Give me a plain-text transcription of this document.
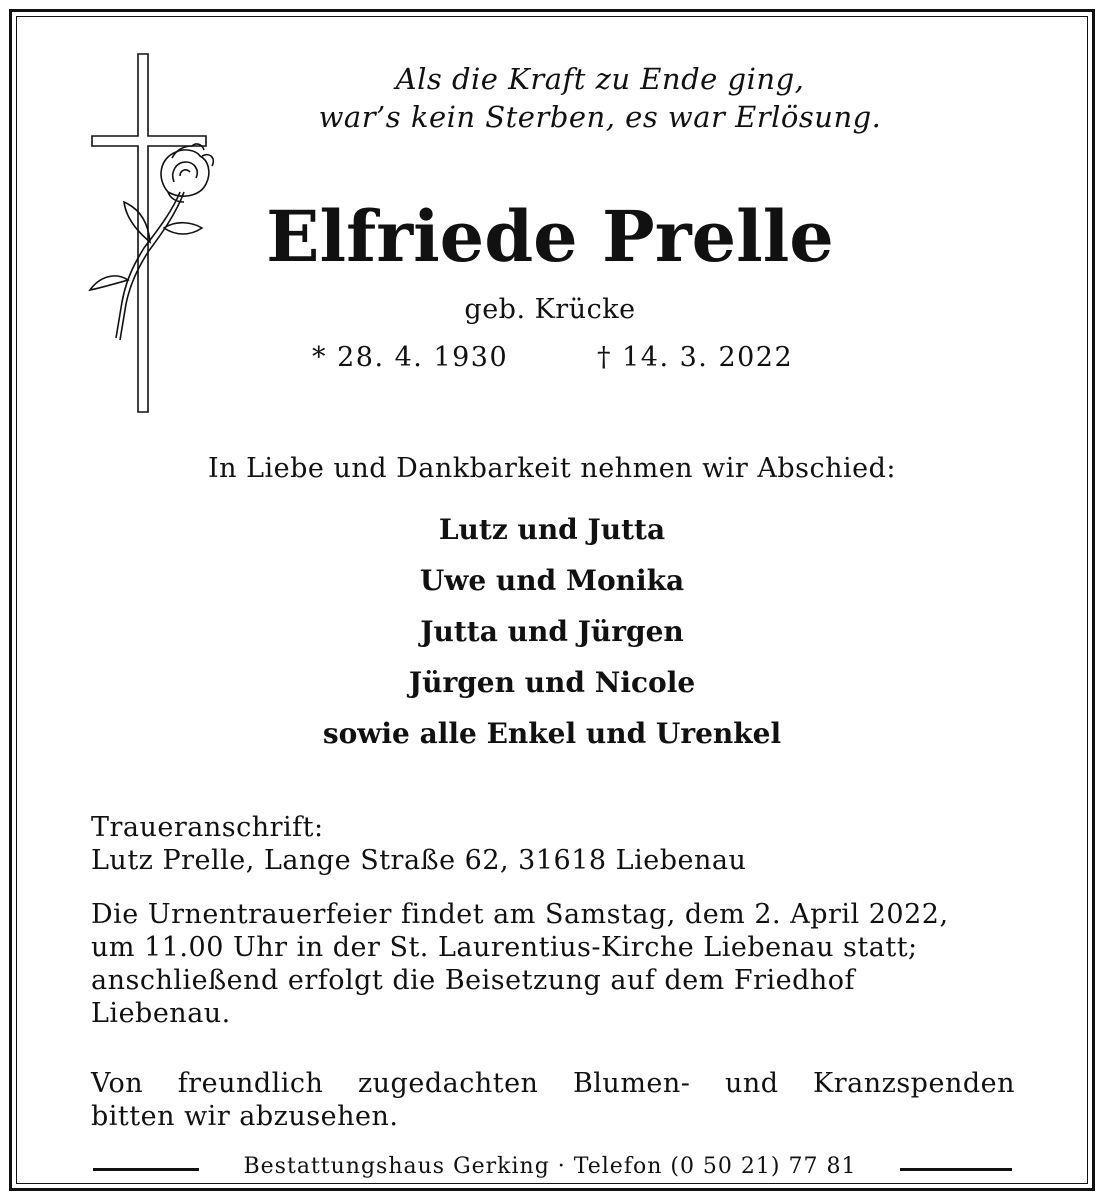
Als die Kraft zu Ende ging,
war’s kein Sterben, es war Erlösung.
Elfriede Prelle
geb. Krücke
* 28. 4. 1930	† 14. 3. 2022
In Liebe und Dankbarkeit nehmen wir Abschied:
Lutz und Jutta
Uwe und Monika
Jutta und Jürgen
Jürgen und Nicole
sowie alle Enkel und Urenkel
Traueranschrift:
Lutz Prelle, Lange Straße 62, 31618 Liebenau
Die Urnentrauerfeier findet am Samstag, dem 2. April 2022,
um 11.00 Uhr in der St. Laurentius-Kirche Liebenau statt;
anschließend erfolgt die Beisetzung auf dem Friedhof
Liebenau.
Von freundlich zugedachten Blumen- und Kranzspenden
bitten wir abzusehen.
Bestattungshaus Gerking · Telefon (0 50 21) 77 81
